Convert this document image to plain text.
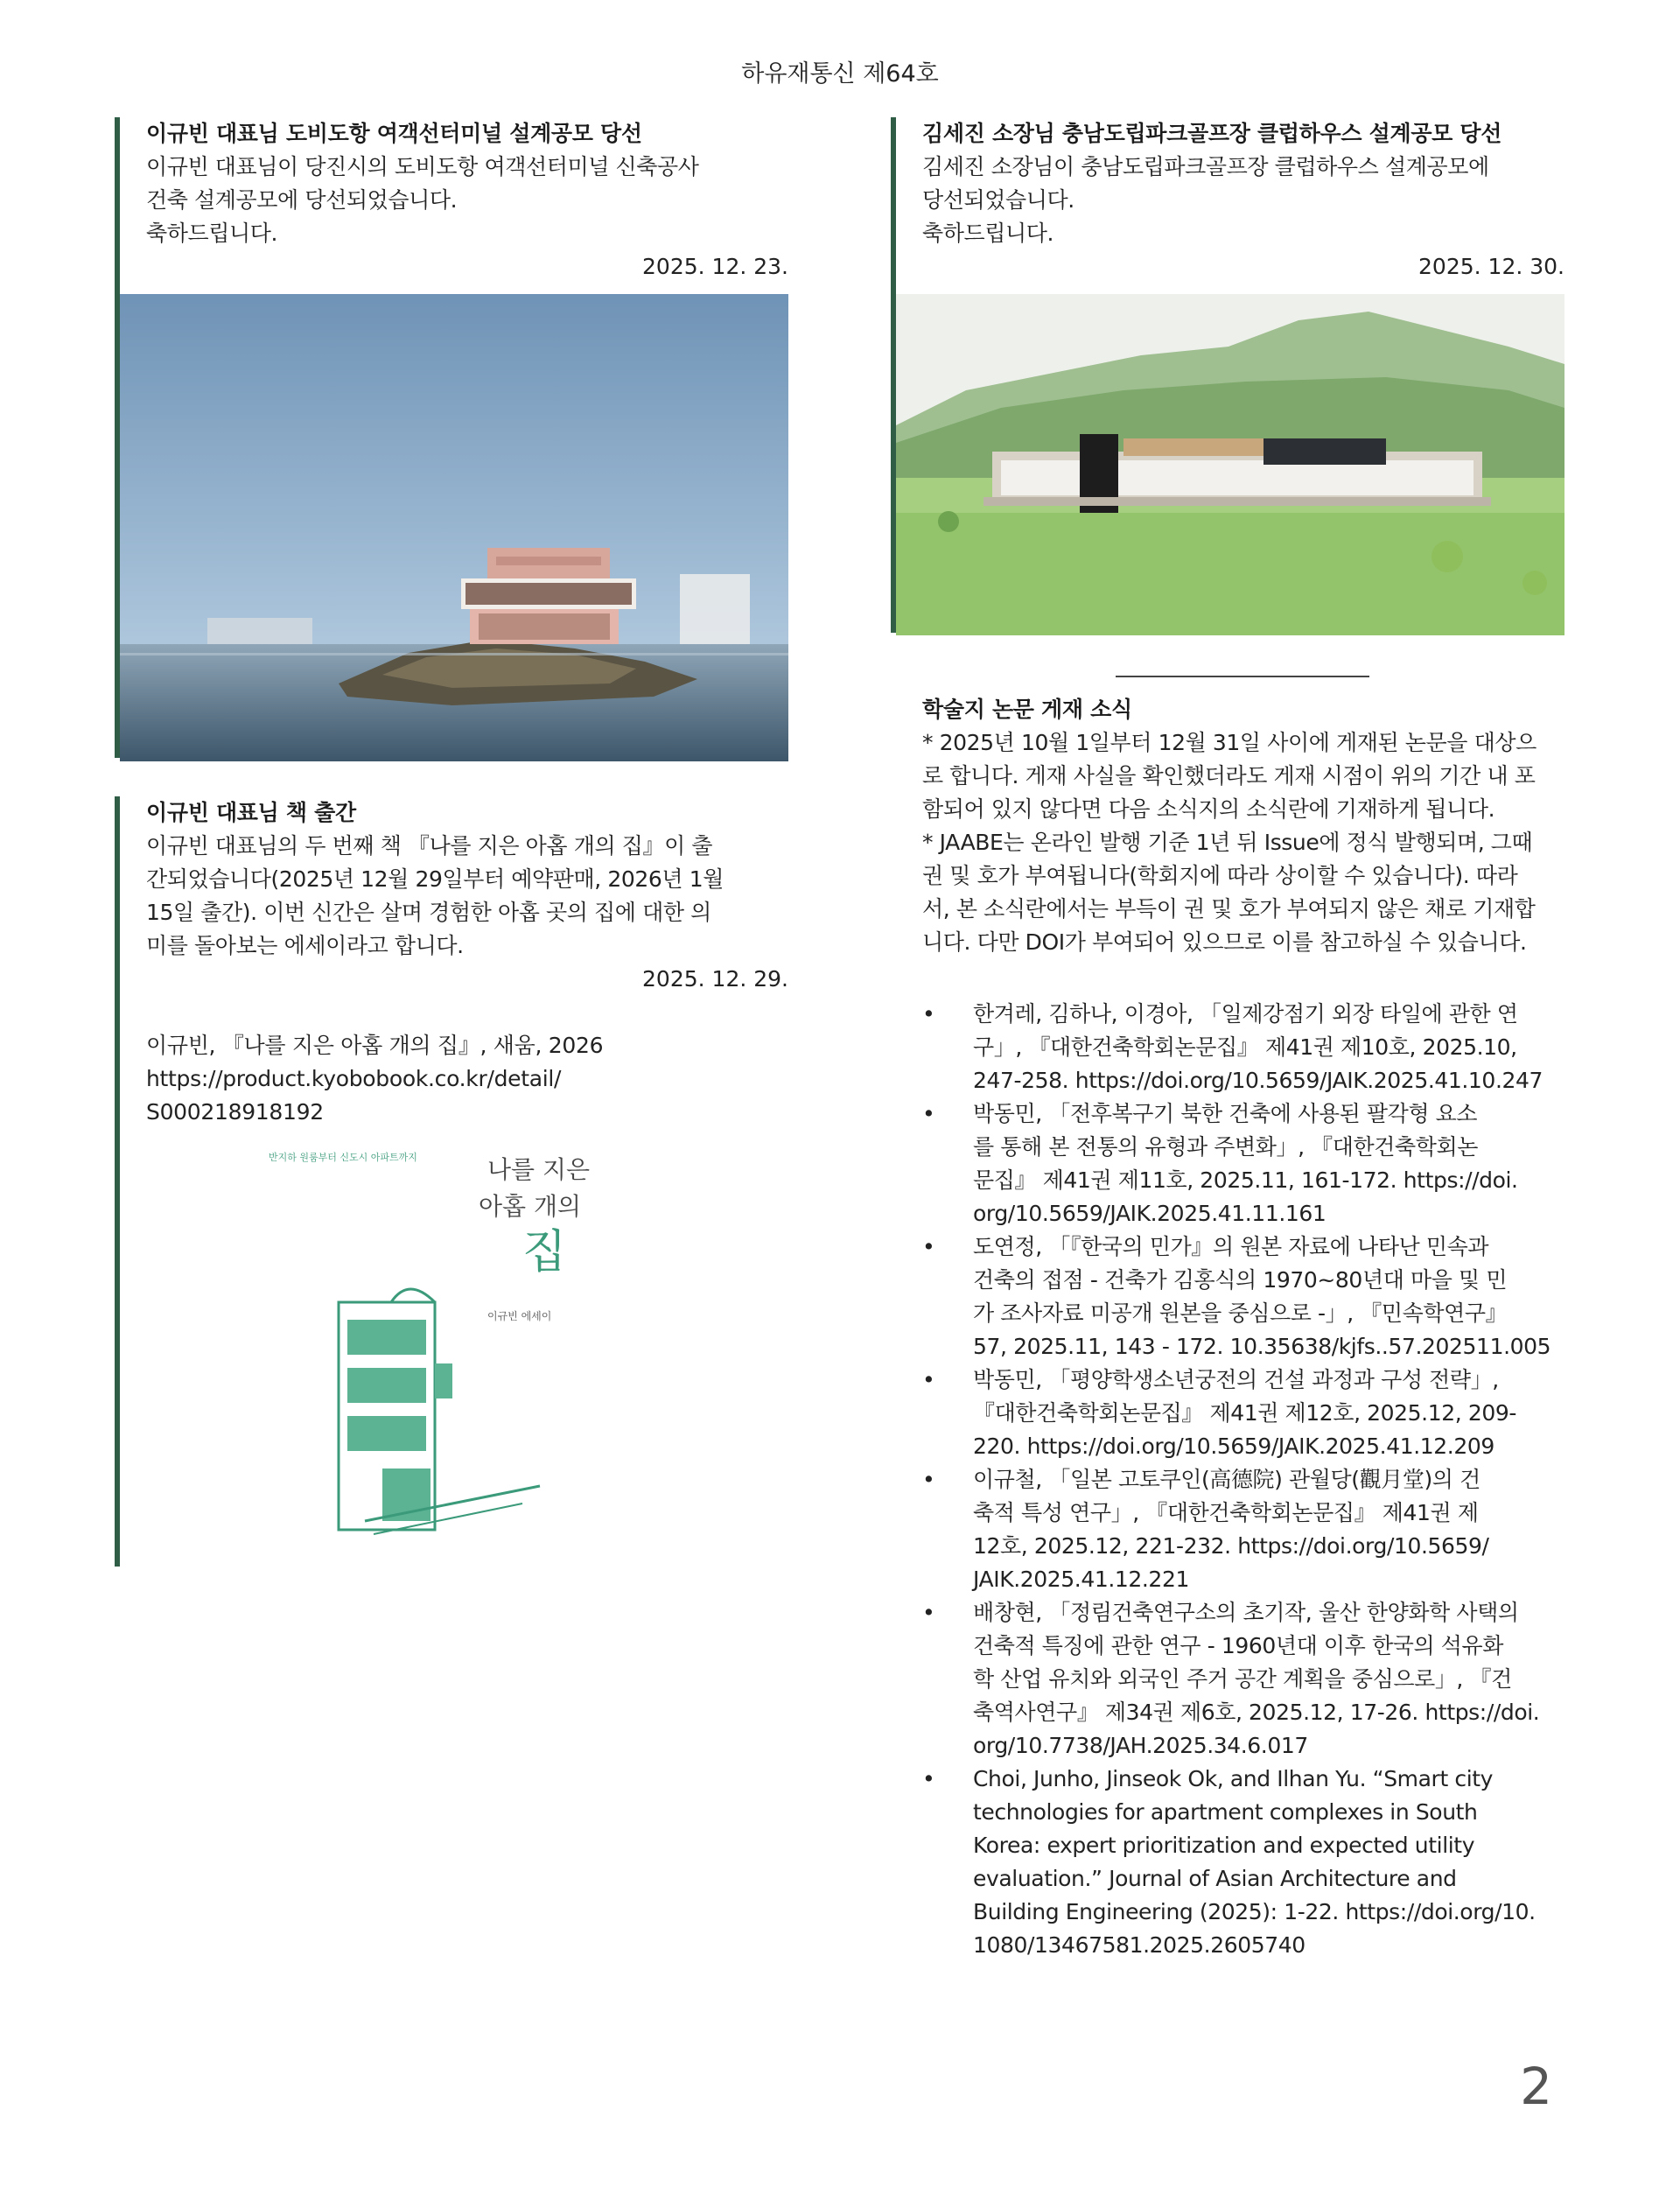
하유재통신 제64호
이규빈 대표님 도비도항 여객선터미널 설계공모 당선
이규빈 대표님이 당진시의 도비도항 여객선터미널 신축공사
건축 설계공모에 당선되었습니다.
축하드립니다.
2025. 12. 23.
김세진 소장님 충남도립파크골프장 클럽하우스 설계공모 당선
김세진 소장님이 충남도립파크골프장 클럽하우스 설계공모에
당선되었습니다.
축하드립니다.
2025. 12. 30.
이규빈 대표님 책 출간
이규빈 대표님의 두 번째 책 『나를 지은 아홉 개의 집』이 출
간되었습니다(2025년 12월 29일부터 예약판매, 2026년 1월
15일 출간). 이번 신간은 살며 경험한 아홉 곳의 집에 대한 의
미를 돌아보는 에세이라고 합니다.
2025. 12. 29.
이규빈, 『나를 지은 아홉 개의 집』, 새움, 2026
https://product.kyobobook.co.kr/detail/
S000218918192
반지하 원룸부터 신도시 아파트까지	나를 지은
아홉 개의
집
이규빈 에세이
학술지 논문 게재 소식
* 2025년 10월 1일부터 12월 31일 사이에 게재된 논문을 대상으
로 합니다. 게재 사실을 확인했더라도 게재 시점이 위의 기간 내 포
함되어 있지 않다면 다음 소식지의 소식란에 기재하게 됩니다.
* JAABE는 온라인 발행 기준 1년 뒤 Issue에 정식 발행되며, 그때
권 및 호가 부여됩니다(학회지에 따라 상이할 수 있습니다). 따라
서, 본 소식란에서는 부득이 권 및 호가 부여되지 않은 채로 기재합
니다. 다만 DOI가 부여되어 있으므로 이를 참고하실 수 있습니다.
• 한겨레, 김하나, 이경아, 「일제강점기 외장 타일에 관한 연
구」, 『대한건축학회논문집』 제41권 제10호, 2025.10,
247-258. https://doi.org/10.5659/JAIK.2025.41.10.247
• 박동민, 「전후복구기 북한 건축에 사용된 팔각형 요소
를 통해 본 전통의 유형과 주변화」, 『대한건축학회논
문집』 제41권 제11호, 2025.11, 161-172. https://doi.
org/10.5659/JAIK.2025.41.11.161
• 도연정, 「『한국의 민가』의 원본 자료에 나타난 민속과
건축의 접점 - 건축가 김홍식의 1970~80년대 마을 및 민
가 조사자료 미공개 원본을 중심으로 -」, 『민속학연구』
57, 2025.11, 143 - 172. 10.35638/kjfs..57.202511.005
• 박동민, 「평양학생소년궁전의 건설 과정과 구성 전략」,
『대한건축학회논문집』 제41권 제12호, 2025.12, 209-
220. https://doi.org/10.5659/JAIK.2025.41.12.209
• 이규철, 「일본 고토쿠인(高德院) 관월당(觀月堂)의 건
축적 특성 연구」, 『대한건축학회논문집』 제41권 제
12호, 2025.12, 221-232. https://doi.org/10.5659/
JAIK.2025.41.12.221
• 배창현, 「정림건축연구소의 초기작, 울산 한양화학 사택의
건축적 특징에 관한 연구 - 1960년대 이후 한국의 석유화
학 산업 유치와 외국인 주거 공간 계획을 중심으로」, 『건
축역사연구』 제34권 제6호, 2025.12, 17-26. https://doi.
org/10.7738/JAH.2025.34.6.017
• Choi, Junho, Jinseok Ok, and Ilhan Yu. “Smart city
technologies for apartment complexes in South
Korea: expert prioritization and expected utility
evaluation.” Journal of Asian Architecture and
Building Engineering (2025): 1-22. https://doi.org/10.
1080/13467581.2025.2605740
2
